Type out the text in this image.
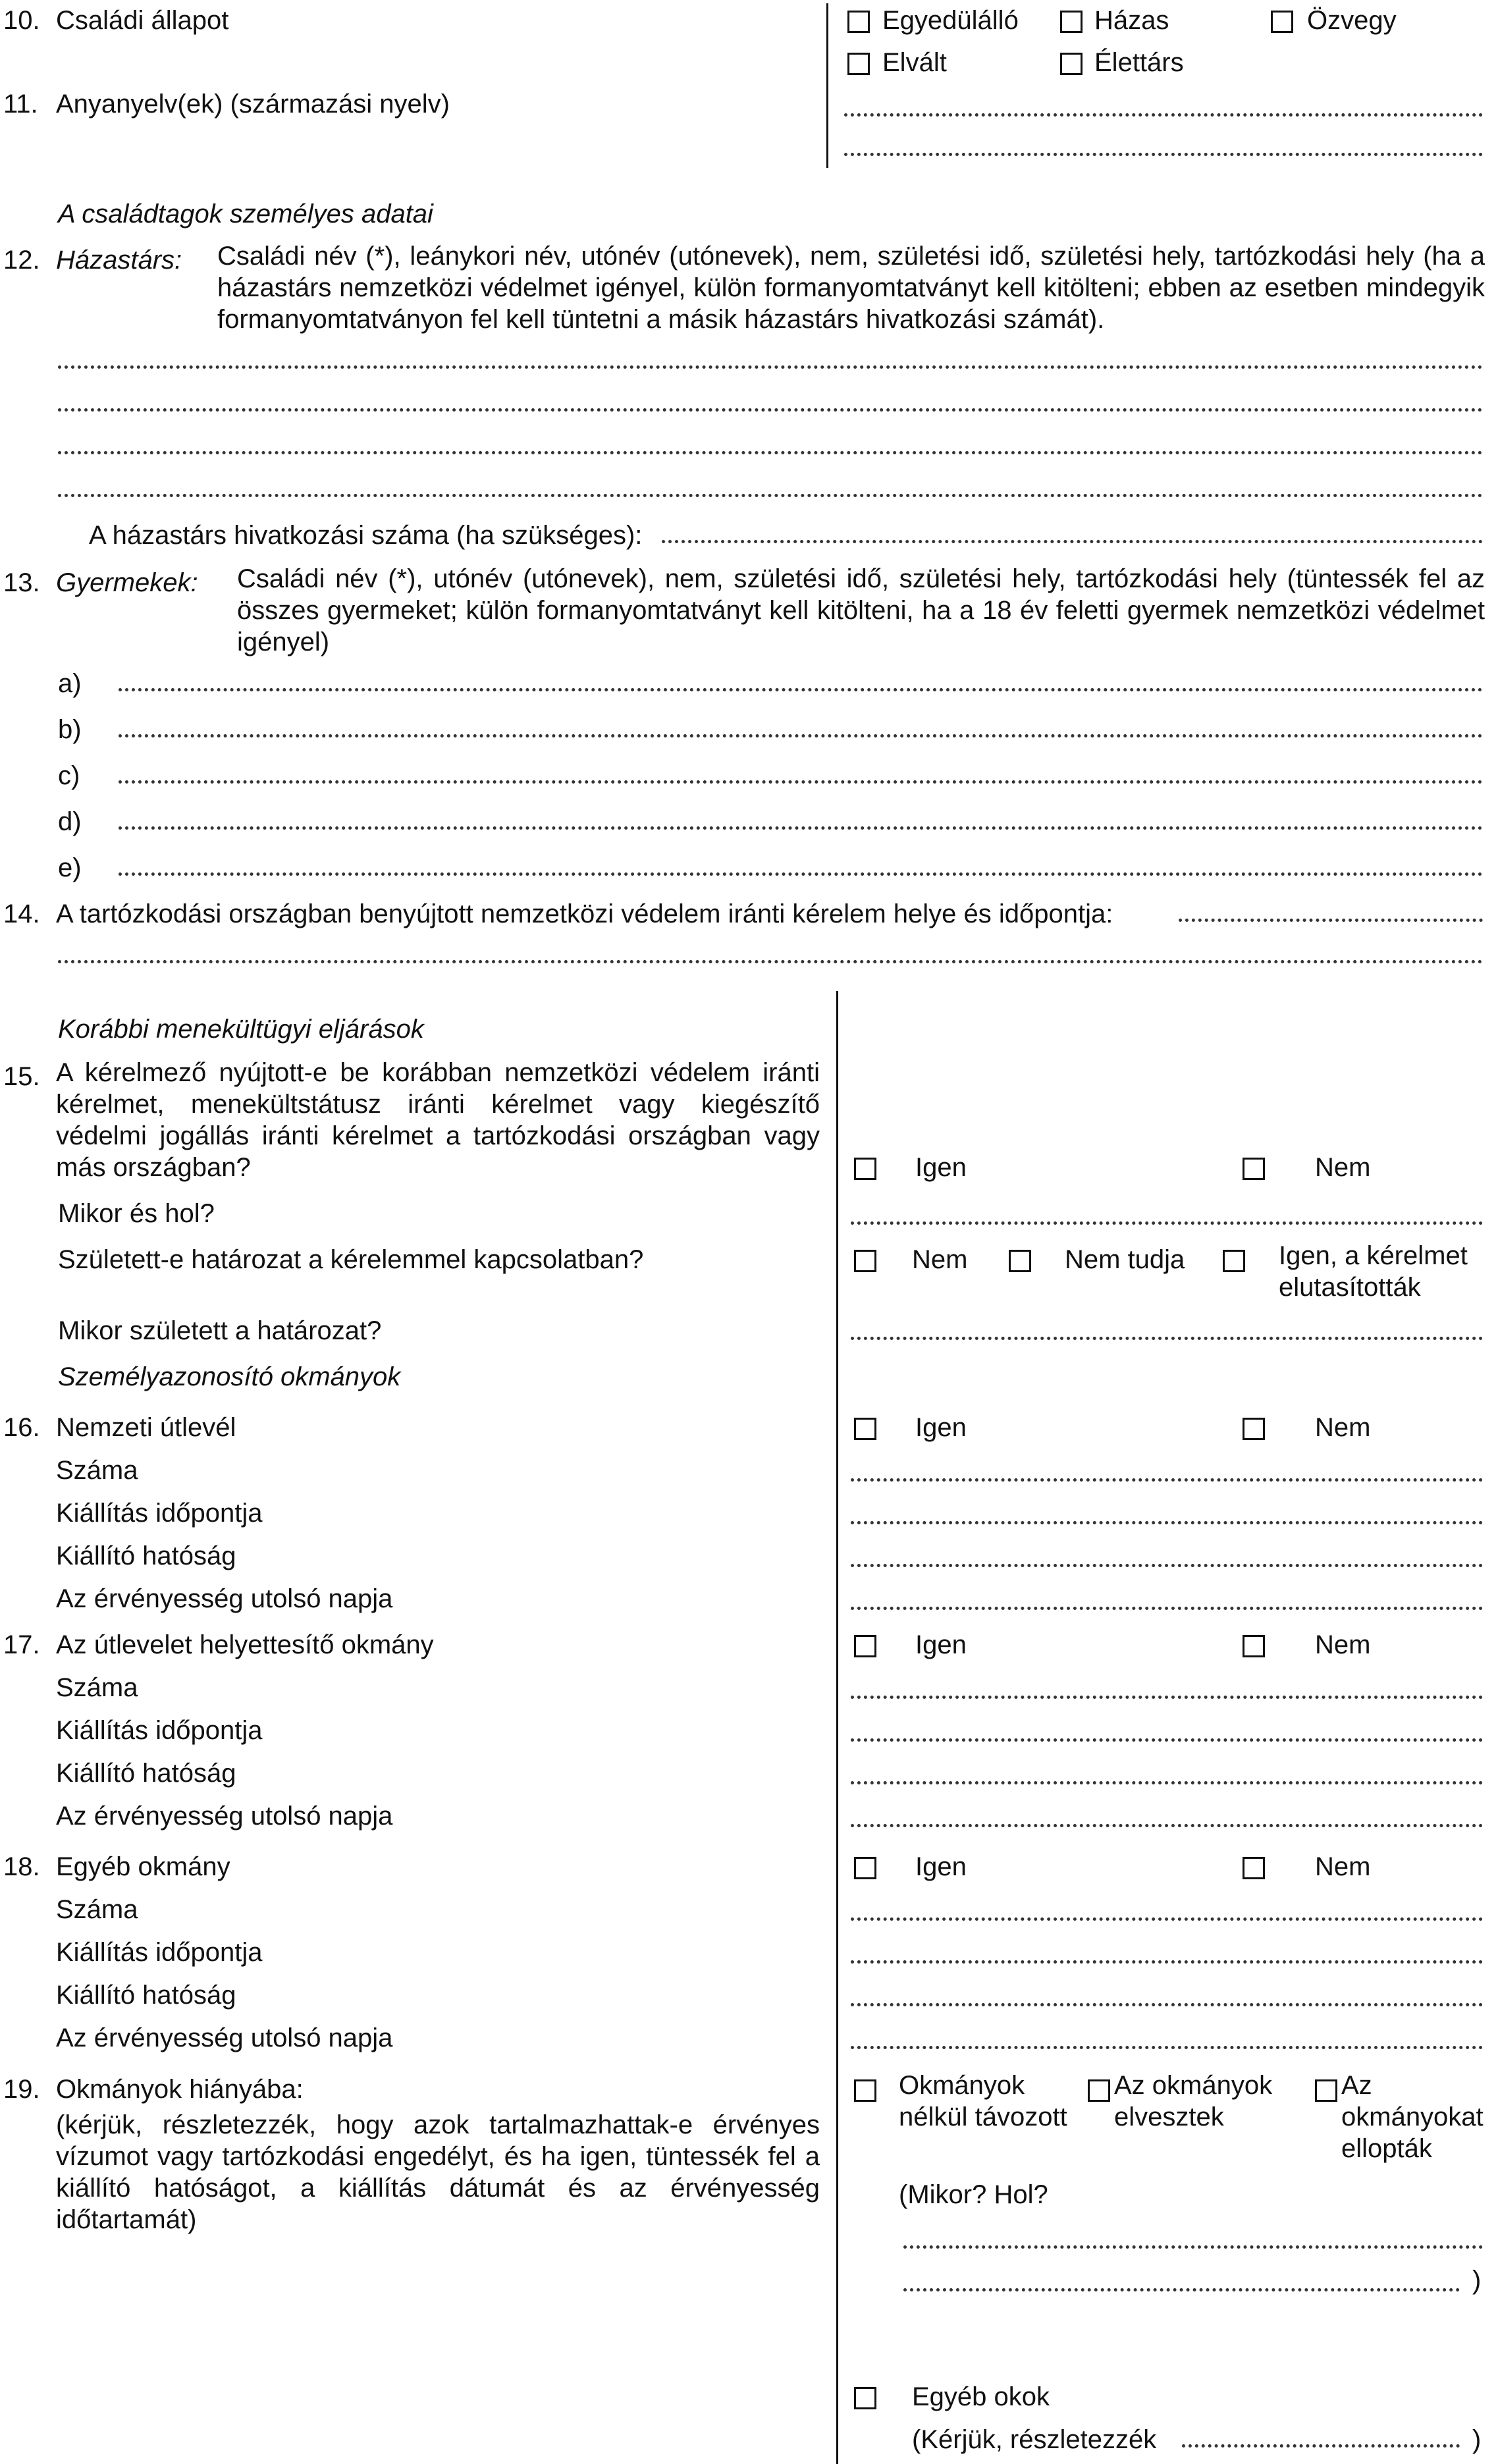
10. Családi állapot	Egyedülálló	Házas	Özvegy
Elvált	Élettárs
11. Anyanyelv(ek) (származási nyelv)
A családtagok személyes adatai
12. Házastárs: Családi név (*), leánykori név, utónév (utónevek), nem, születési idő, születési hely, tartózkodási hely (ha a házastárs nemzetközi védelmet igényel, külön formanyomtatványt kell kitölteni; ebben az esetben mindegyik formanyomtatványon fel kell tüntetni a másik házastárs hivatkozási számát).
A házastárs hivatkozási száma (ha szükséges):
13. Gyermekek: Családi név (*), utónév (utónevek), nem, születési idő, születési hely, tartózkodási hely (tüntessék fel az összes gyermeket; külön formanyomtatványt kell kitölteni, ha a 18 év feletti gyermek nemzetközi védelmet igényel)
a)
b)
c)
d)
e)
14. A tartózkodási országban benyújtott nemzetközi védelem iránti kérelem helye és időpontja:
Korábbi menekültügyi eljárások
15. A kérelmező nyújtott-e be korábban nemzetközi védelem iránti kérelmet, menekültstátusz iránti kérelmet vagy kiegészítő védelmi jogállás iránti kérelmet a tartózkodási országban vagy más országban?	Igen	Nem
Mikor és hol?
Született-e határozat a kérelemmel kapcsolatban?	Nem	Nem tudja	Igen, a kérelmet elutasították
Mikor született a határozat?
Személyazonosító okmányok
16. Nemzeti útlevél	Igen	Nem
Száma
Kiállítás időpontja
Kiállító hatóság
Az érvényesség utolsó napja
17. Az útlevelet helyettesítő okmány	Igen	Nem
Száma
Kiállítás időpontja
Kiállító hatóság
Az érvényesség utolsó napja
18. Egyéb okmány	Igen	Nem
Száma
Kiállítás időpontja
Kiállító hatóság
Az érvényesség utolsó napja
19. Okmányok hiányába:
(kérjük, részletezzék, hogy azok tartalmazhattak-e érvényes vízumot vagy tartózkodási engedélyt, és ha igen, tüntessék fel a kiállító hatóságot, a kiállítás dátumát és az érvényesség időtartamát)
Okmányok nélkül távozott
Az okmányok elvesztek
Az okmányokat ellopták
(Mikor? Hol?
)
Egyéb okok
(Kérjük, részletezzék	)
